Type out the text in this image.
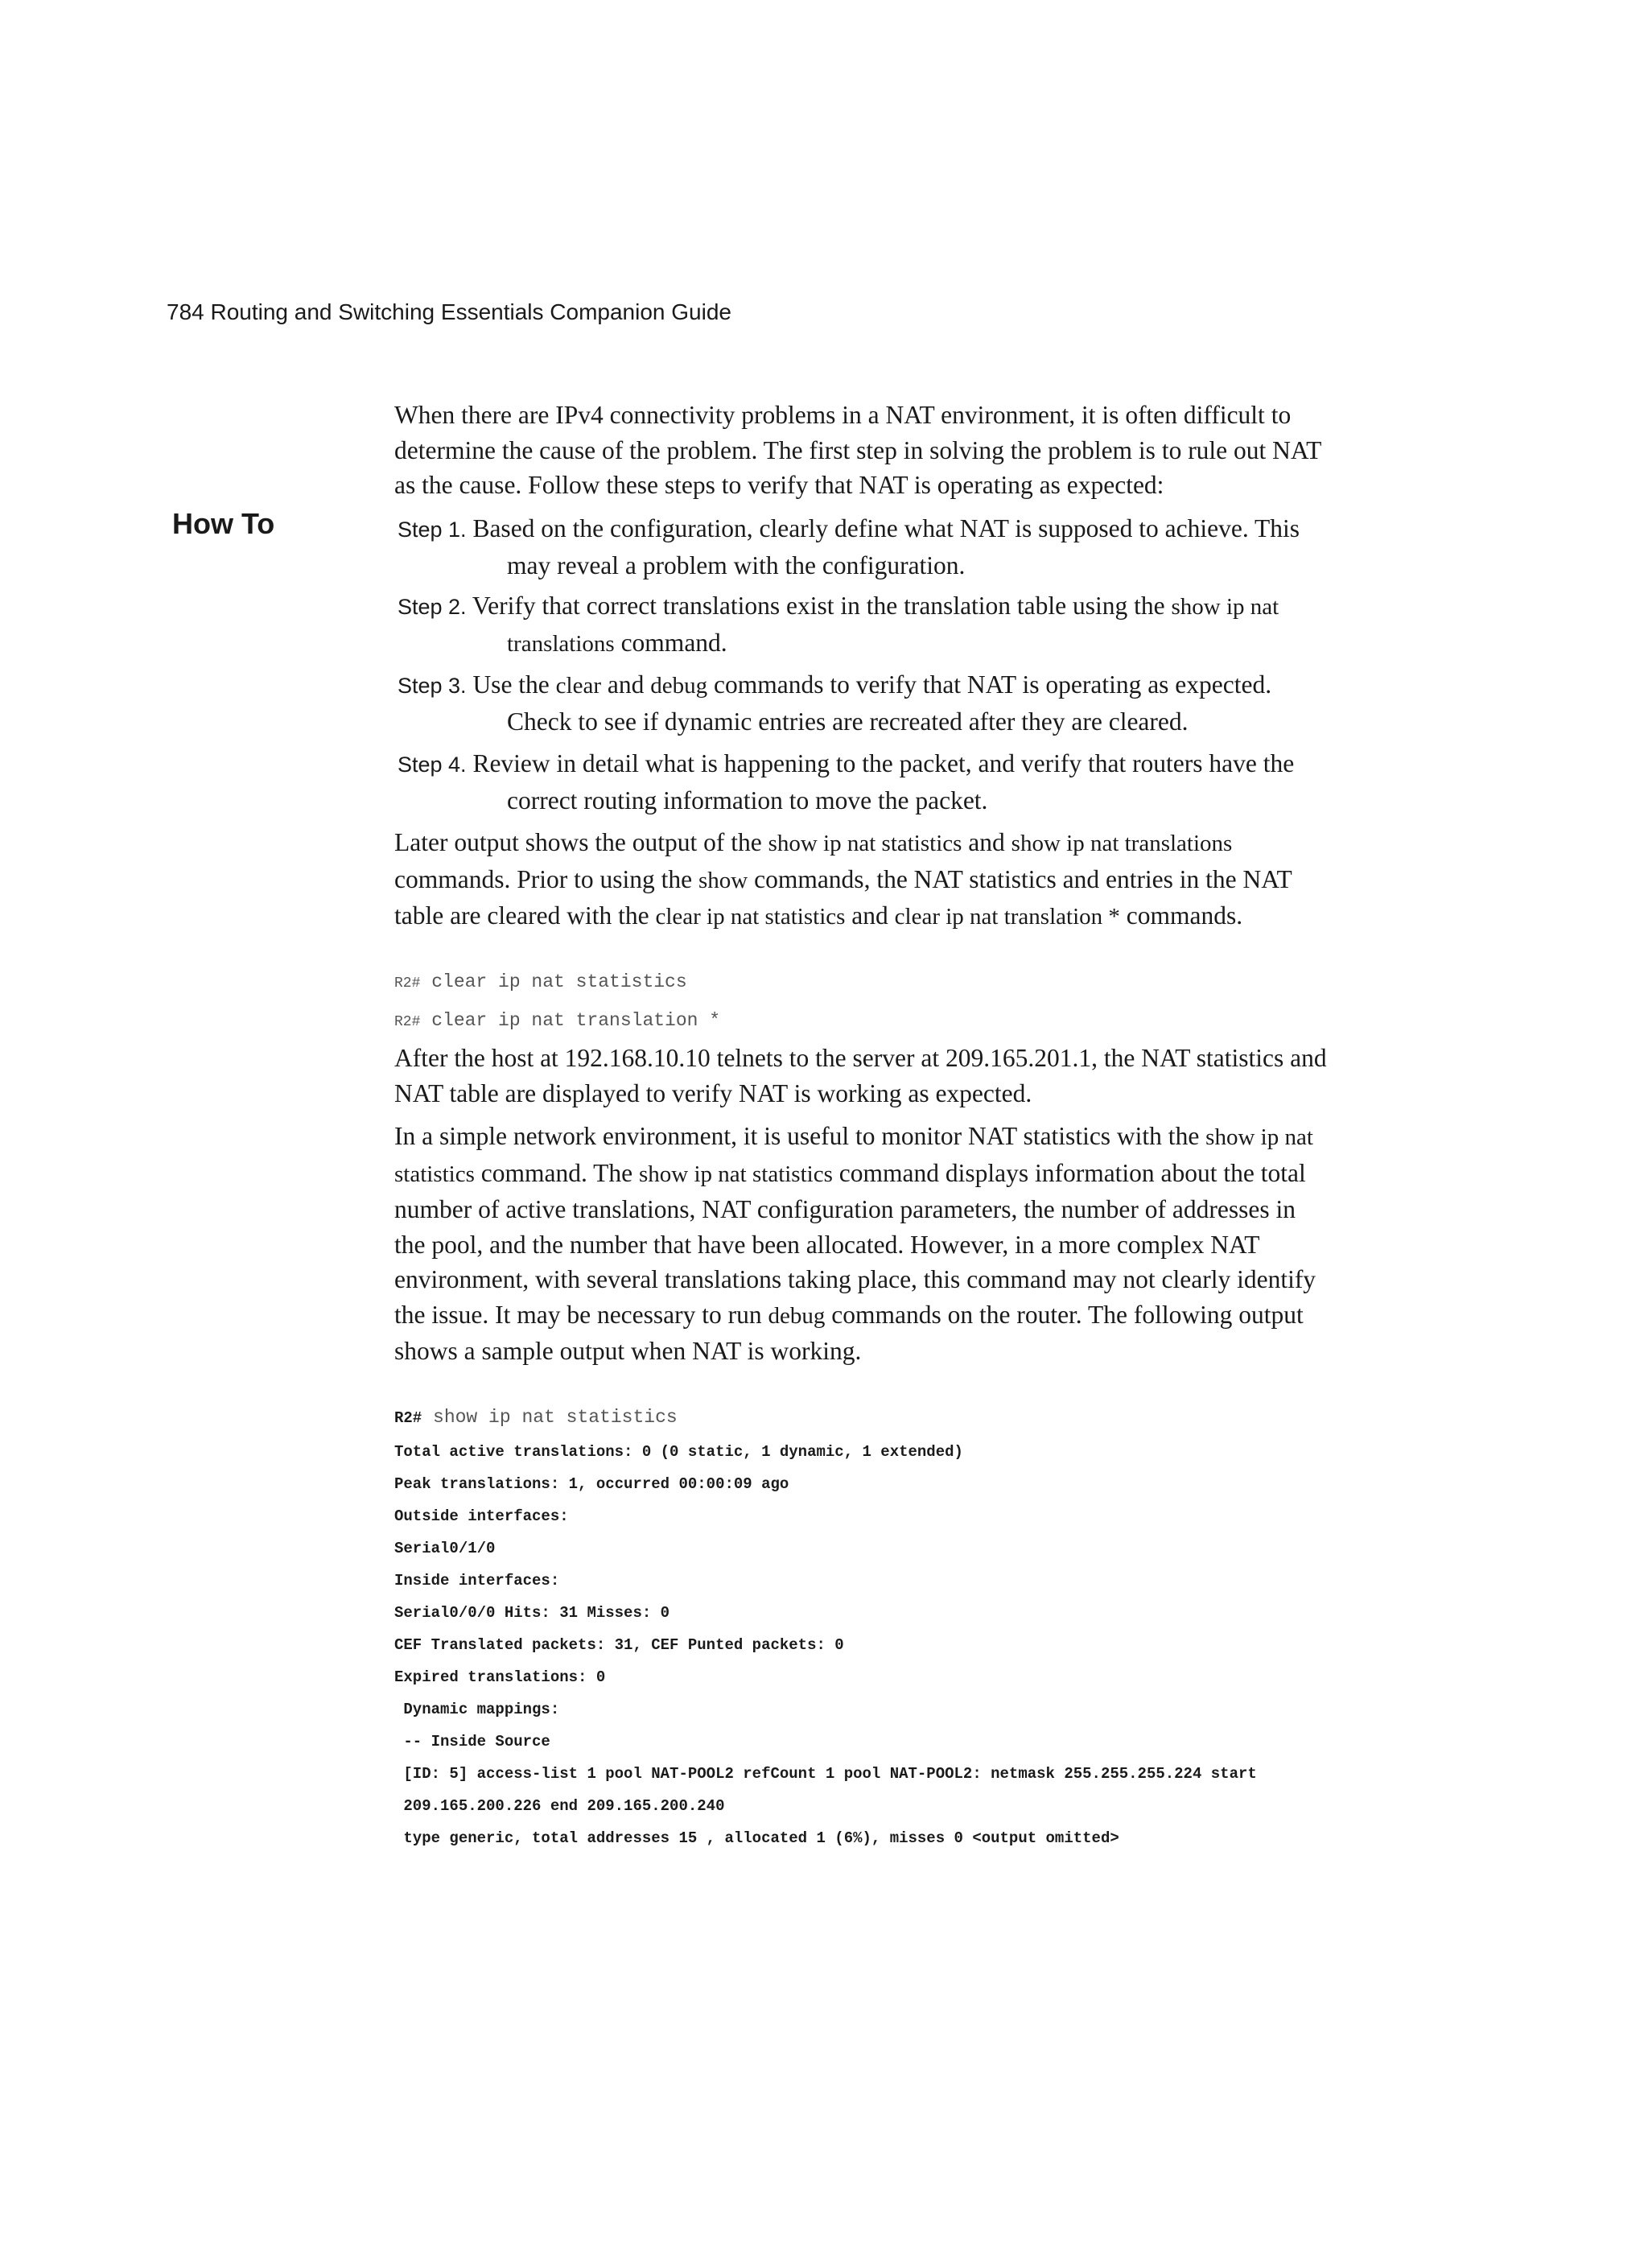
784 Routing and Switching Essentials Companion Guide
How To
When there are IPv4 connectivity problems in a NAT environment, it is often difficult to
determine the cause of the problem. The first step in solving the problem is to rule out NAT
as the cause. Follow these steps to verify that NAT is operating as expected:
Step 1. Based on the configuration, clearly define what NAT is supposed to achieve. This
may reveal a problem with the configuration.
Step 2. Verify that correct translations exist in the translation table using the show ip nat
translations command.
Step 3. Use the clear and debug commands to verify that NAT is operating as expected.
Check to see if dynamic entries are recreated after they are cleared.
Step 4. Review in detail what is happening to the packet, and verify that routers have the
correct routing information to move the packet.
Later output shows the output of the show ip nat statistics and show ip nat translations
commands. Prior to using the show commands, the NAT statistics and entries in the NAT
table are cleared with the clear ip nat statistics and clear ip nat translation * commands.
R2# clear ip nat statistics
R2# clear ip nat translation *
After the host at 192.168.10.10 telnets to the server at 209.165.201.1, the NAT statistics and
NAT table are displayed to verify NAT is working as expected.
In a simple network environment, it is useful to monitor NAT statistics with the show ip nat
statistics command. The show ip nat statistics command displays information about the total
number of active translations, NAT configuration parameters, the number of addresses in
the pool, and the number that have been allocated. However, in a more complex NAT
environment, with several translations taking place, this command may not clearly identify
the issue. It may be necessary to run debug commands on the router. The following output
shows a sample output when NAT is working.
R2# show ip nat statistics
Total active translations: 0 (0 static, 1 dynamic, 1 extended)
Peak translations: 1, occurred 00:00:09 ago
Outside interfaces:
Serial0/1/0
Inside interfaces:
Serial0/0/0 Hits: 31 Misses: 0
CEF Translated packets: 31, CEF Punted packets: 0
Expired translations: 0
Dynamic mappings:
-- Inside Source
[ID: 5] access-list 1 pool NAT-POOL2 refCount 1 pool NAT-POOL2: netmask 255.255.255.224 start
209.165.200.226 end 209.165.200.240
type generic, total addresses 15 , allocated 1 (6%), misses 0 <output omitted>
